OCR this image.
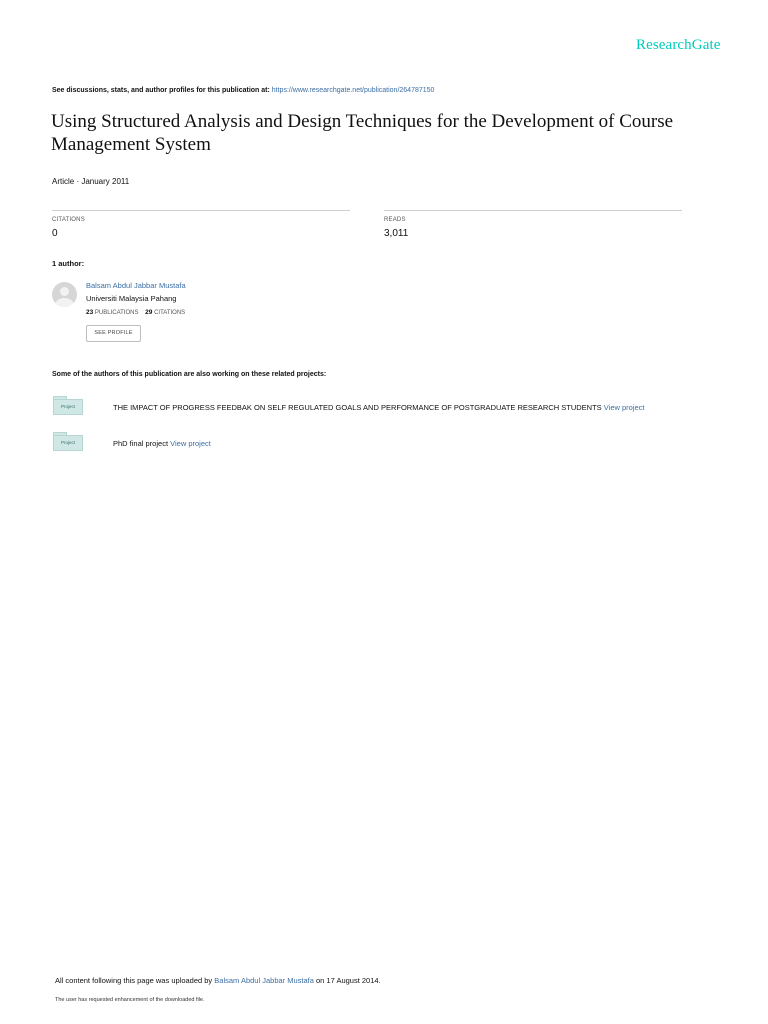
ResearchGate
See discussions, stats, and author profiles for this publication at: https://www.researchgate.net/publication/264787150
Using Structured Analysis and Design Techniques for the Development of Course Management System
Article · January 2011
CITATIONS
0
READS
3,011
1 author:
Balsam Abdul Jabbar Mustafa
Universiti Malaysia Pahang
23 PUBLICATIONS 29 CITATIONS
SEE PROFILE
Some of the authors of this publication are also working on these related projects:
Project	THE IMPACT OF PROGRESS FEEDBAK ON SELF REGULATED GOALS AND PERFORMANCE OF POSTGRADUATE RESEARCH STUDENTS View project
Project	PhD final project View project
All content following this page was uploaded by Balsam Abdul Jabbar Mustafa on 17 August 2014.
The user has requested enhancement of the downloaded file.
